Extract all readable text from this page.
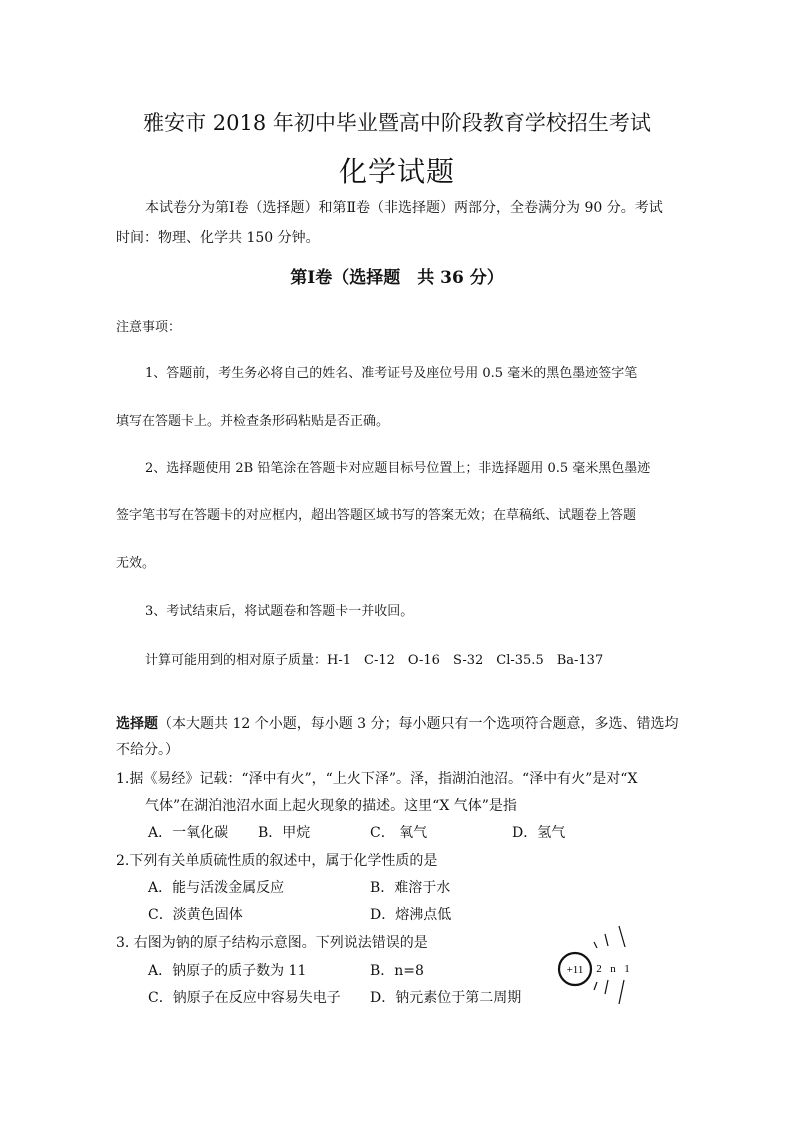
雅安市 2018 年初中毕业暨高中阶段教育学校招生考试
化学试题
本试卷分为第Ⅰ卷（选择题）和第Ⅱ卷（非选择题）两部分，全卷满分为 90 分。考试
时间：物理、化学共 150 分钟。
第Ⅰ卷（选择题　共 36 分）
注意事项：
1、答题前，考生务必将自己的姓名、准考证号及座位号用 0.5 毫米的黑色墨迹签字笔
填写在答题卡上。并检查条形码粘贴是否正确。
2、选择题使用 2B 铅笔涂在答题卡对应题目标号位置上；非选择题用 0.5 毫米黑色墨迹
签字笔书写在答题卡的对应框内，超出答题区域书写的答案无效；在草稿纸、试题卷上答题
无效。
3、考试结束后，将试题卷和答题卡一并收回。
计算可能用到的相对原子质量：H-1　C-12　O-16　S-32　Cl-35.5　Ba-137
选择题（本大题共 12 个小题，每小题 3 分；每小题只有一个选项符合题意，多选、错选均
不给分。）
1.据《易经》记载：“泽中有火”，“上火下泽”。泽，指湖泊池沼。“泽中有火”是对“X
气体”在湖泊池沼水面上起火现象的描述。这里“X 气体”是指
A．一氧化碳 B．甲烷	C． 氧气	D．氢气
2.下列有关单质硫性质的叙述中，属于化学性质的是
A．能与活泼金属反应	B．难溶于水
C．淡黄色固体	D．熔沸点低
3. 右图为钠的原子结构示意图。下列说法错误的是
A．钠原子的质子数为 11	B．n=8
C．钠原子在反应中容易失电子 D．钠元素位于第二周期
+11 2 n 1
